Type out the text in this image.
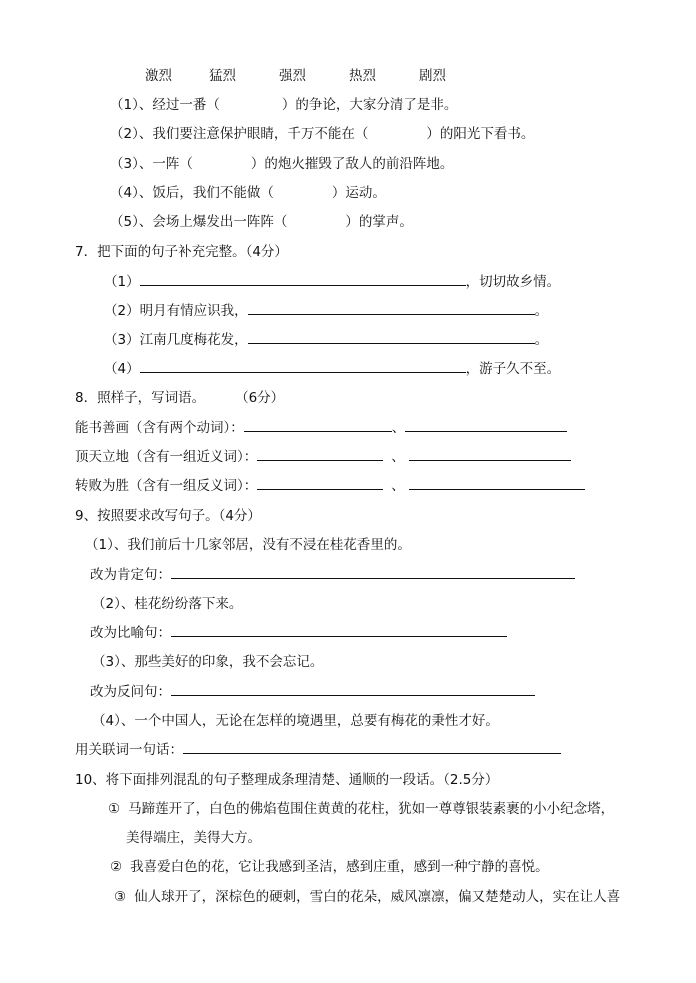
激烈	猛烈	强烈	热烈	剧烈
（1）、经过一番（	）的争论，大家分清了是非。
（2）、我们要注意保护眼睛，千万不能在（	）的阳光下看书。
（3）、一阵（	）的炮火摧毁了敌人的前沿阵地。
（4）、饭后，我们不能做（	）运动。
（5）、会场上爆发出一阵阵（	）的掌声。
7．把下面的句子补充完整。（4分）
（1）	，切切故乡情。
（2）明月有情应识我，	。
（3）江南几度梅花发，	。
（4）	，游子久不至。
8．照样子，写词语。 （6分）
能书善画（含有两个动词）：	、
顶天立地（含有一组近义词）：	、
转败为胜（含有一组反义词）：	、
9、按照要求改写句子。（4分）
（1）、我们前后十几家邻居，没有不浸在桂花香里的。
改为肯定句：
（2）、桂花纷纷落下来。
改为比喻句：
（3）、那些美好的印象，我不会忘记。
改为反问句：
（4）、一个中国人，无论在怎样的境遇里，总要有梅花的秉性才好。
用关联词一句话：
10、将下面排列混乱的句子整理成条理清楚、通顺的一段话。（2.5分）
① 马蹄莲开了，白色的佛焰苞围住黄黄的花柱，犹如一尊尊银装素裹的小小纪念塔，
美得端庄，美得大方。
② 我喜爱白色的花，它让我感到圣洁，感到庄重，感到一种宁静的喜悦。
③ 仙人球开了，深棕色的硬刺，雪白的花朵，威风凛凛，偏又楚楚动人，实在让人喜
